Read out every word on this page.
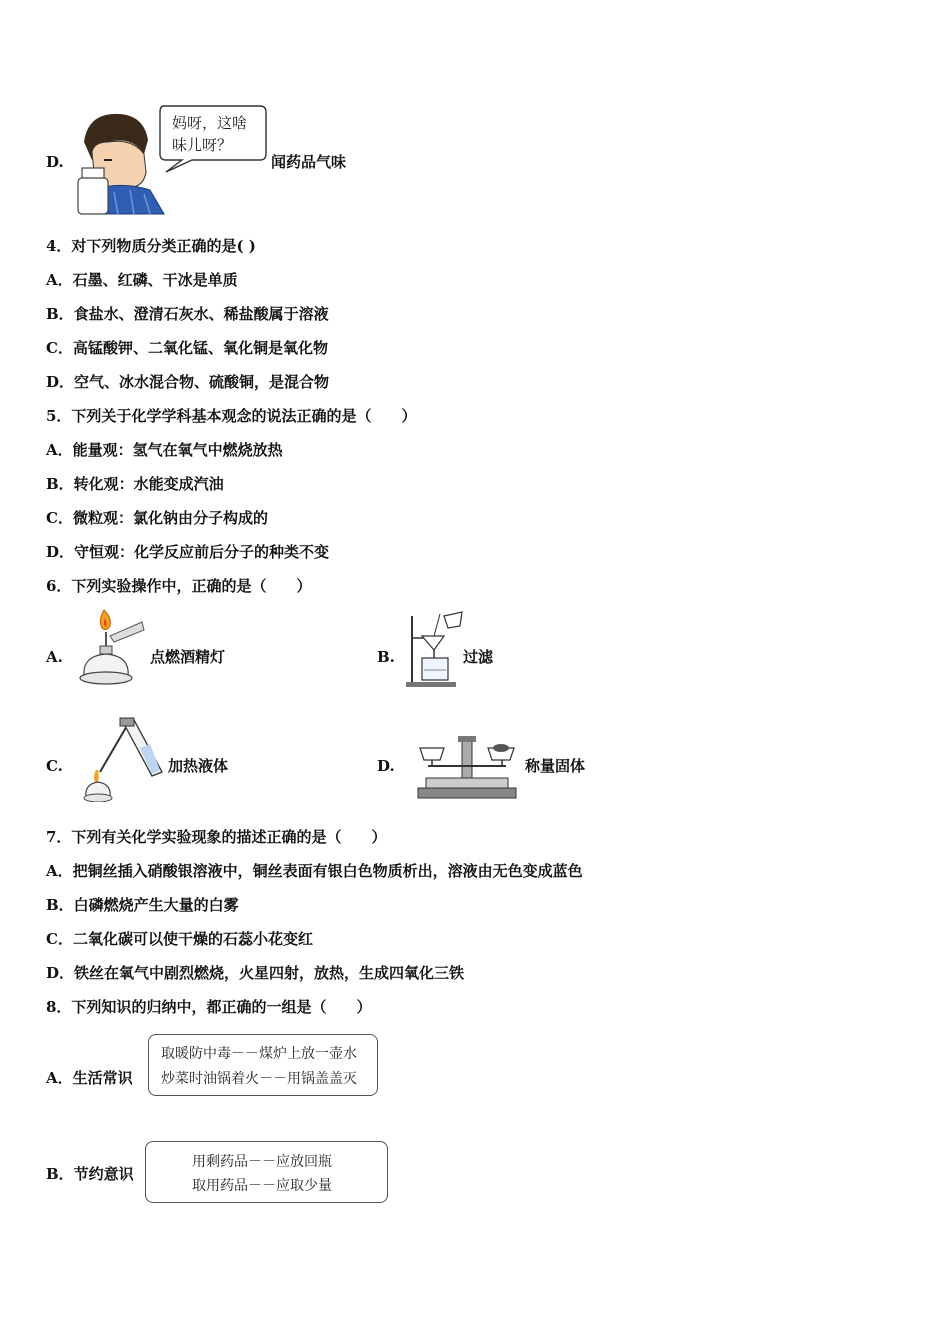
D.
妈呀，这啥
味儿呀？
闻药品气味
4．对下列物质分类正确的是( )
A．石墨、红磷、干冰是单质
B．食盐水、澄清石灰水、稀盐酸属于溶液
C．高锰酸钾、二氧化锰、氧化铜是氧化物
D．空气、冰水混合物、硫酸铜，是混合物
5．下列关于化学学科基本观念的说法正确的是（　　）
A．能量观：氢气在氧气中燃烧放热
B．转化观：水能变成汽油
C．微粒观：氯化钠由分子构成的
D．守恒观：化学反应前后分子的种类不变
6．下列实验操作中，正确的是（　　）
A.	点燃酒精灯	B.	过滤
C.	加热液体	D.	称量固体
7．下列有关化学实验现象的描述正确的是（　　）
A．把铜丝插入硝酸银溶液中，铜丝表面有银白色物质析出，溶液由无色变成蓝色
B．白磷燃烧产生大量的白雾
C．二氧化碳可以使干燥的石蕊小花变红
D．铁丝在氧气中剧烈燃烧，火星四射，放热，生成四氧化三铁
8．下列知识的归纳中，都正确的一组是（　　）
A．生活常识
取暖防中毒－－煤炉上放一壶水
炒菜时油锅着火－－用锅盖盖灭
B．节约意识
用剩药品－－应放回瓶
取用药品－－应取少量
